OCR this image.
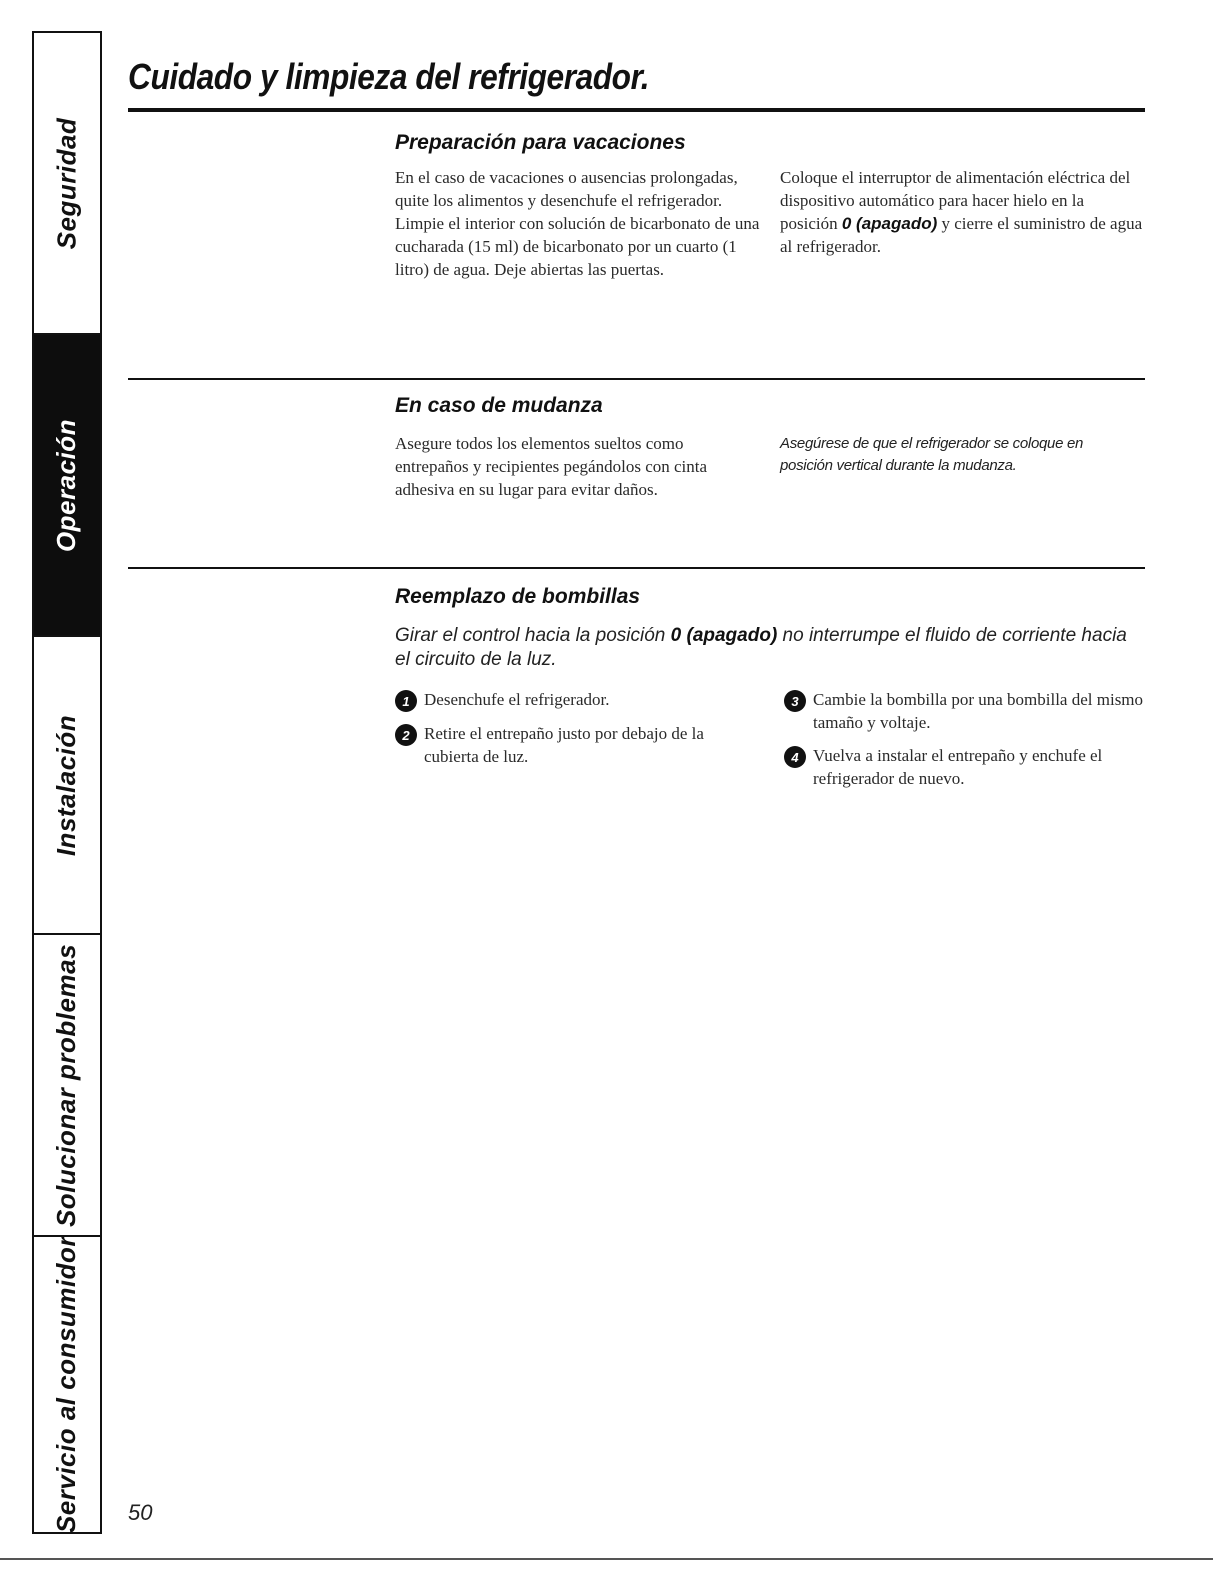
Seguridad
Operación
Instalación
Solucionar problemas
Servicio al consumidor
Cuidado y limpieza del refrigerador.
Preparación para vacaciones

En el caso de vacaciones o ausencias prolongadas, quite los alimentos y desenchufe el refrigerador. Limpie el interior con solución de bicarbonato de una cucharada (15 ml) de bicarbonato por un cuarto (1 litro) de agua. Deje abiertas las puertas.

Coloque el interruptor de alimentación eléctrica del dispositivo automático para hacer hielo en la posición 0 (apagado) y cierre el suministro de agua al refrigerador.

En caso de mudanza

Asegure todos los elementos sueltos como entrepaños y recipientes pegándolos con cinta adhesiva en su lugar para evitar daños.

Asegúrese de que el refrigerador se coloque en posición vertical durante la mudanza.

Reemplazo de bombillas

Girar el control hacia la posición 0 (apagado) no interrumpe el fluido de corriente hacia el circuito de la luz.

1 Desenchufe el refrigerador.
2 Retire el entrepaño justo por debajo de la cubierta de luz.
3 Cambie la bombilla por una bombilla del mismo tamaño y voltaje.
4 Vuelva a instalar el entrepaño y enchufe el refrigerador de nuevo.
50
